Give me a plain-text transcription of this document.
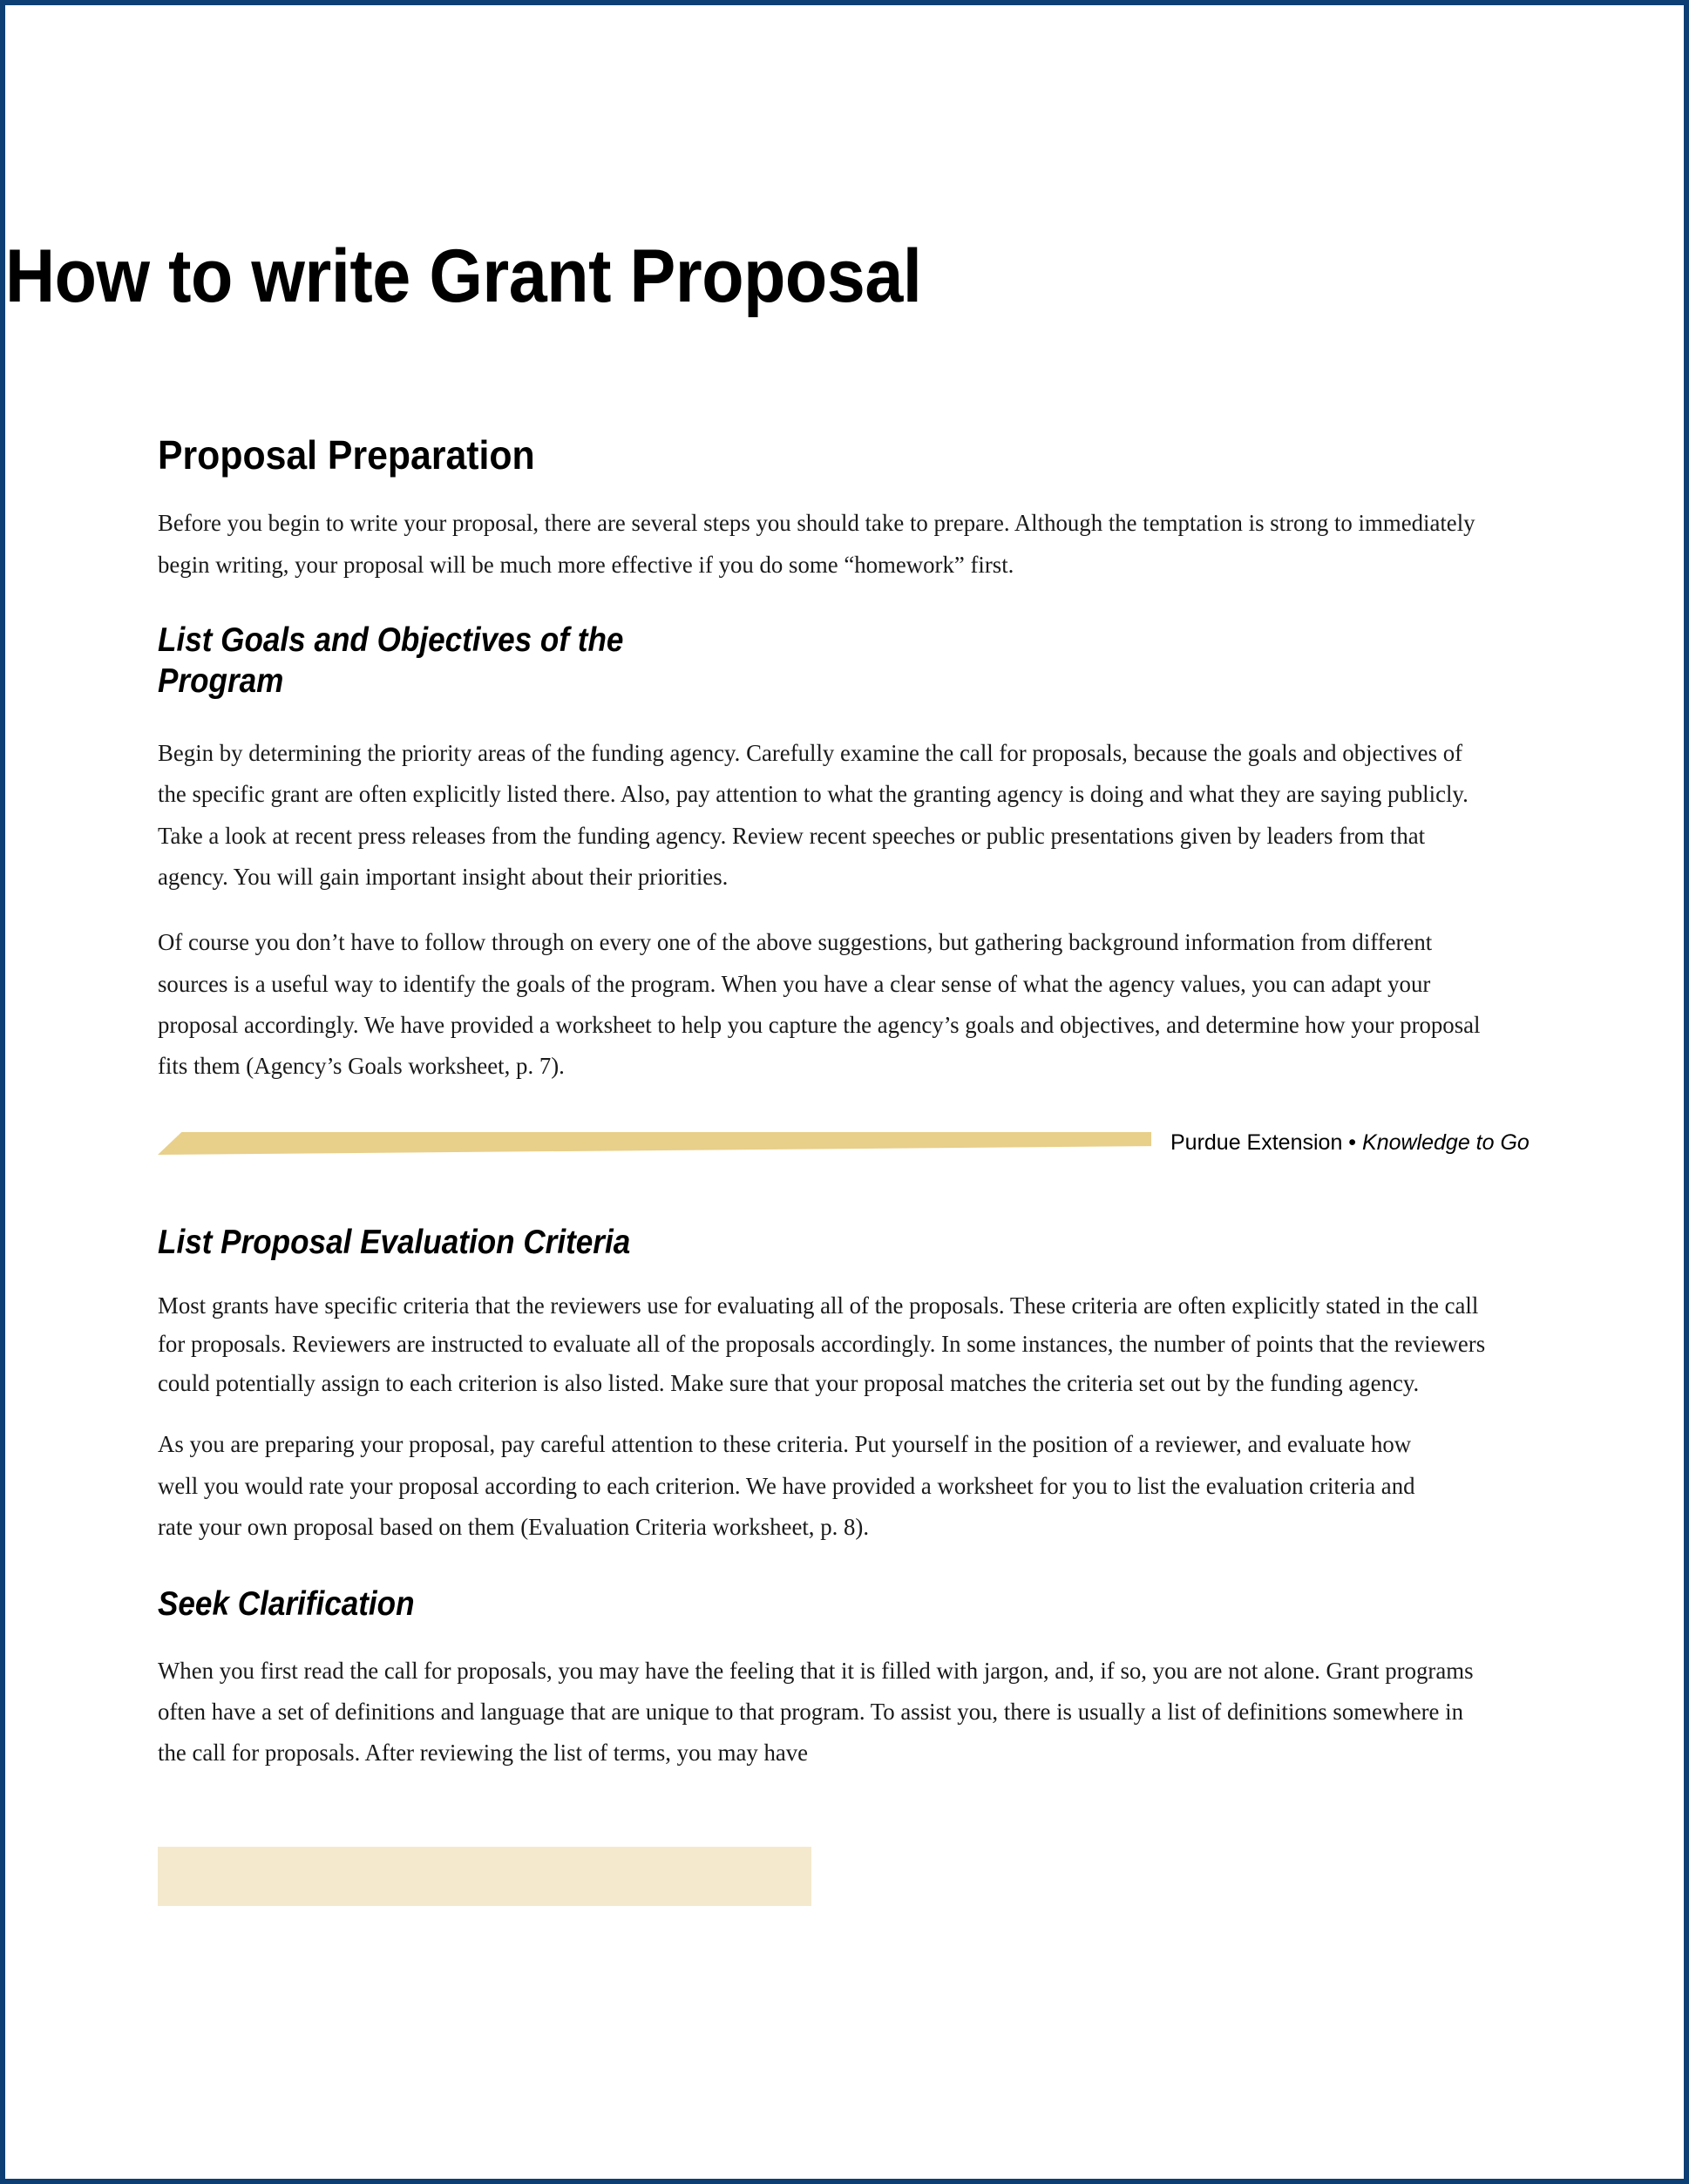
How to write Grant Proposal
Proposal Preparation

Before you begin to write your proposal, there are several steps you should take to prepare. Although the temptation is strong to immediately begin writing, your proposal will be much more effective if you do some “homework” first.

List Goals and Objectives of the Program

Begin by determining the priority areas of the funding agency. Carefully examine the call for proposals, because the goals and objectives of the specific grant are often explicitly listed there. Also, pay attention to what the granting agency is doing and what they are saying publicly. Take a look at recent press releases from the funding agency. Review recent speeches or public presentations given by leaders from that agency. You will gain important insight about their priorities.

Of course you don’t have to follow through on every one of the above suggestions, but gathering background information from different sources is a useful way to identify the goals of the program. When you have a clear sense of what the agency values, you can adapt your proposal accordingly. We have provided a worksheet to help you capture the agency’s goals and objectives, and determine how your proposal fits them (Agency’s Goals worksheet, p. 7).

Purdue Extension • Knowledge to Go
List Proposal Evaluation Criteria

Most grants have specific criteria that the reviewers use for evaluating all of the proposals. These criteria are often explicitly stated in the call for proposals. Reviewers are instructed to evaluate all of the proposals accordingly. In some instances, the number of points that the reviewers could potentially assign to each criterion is also listed. Make sure that your proposal matches the criteria set out by the funding agency.

As you are preparing your proposal, pay careful attention to these criteria. Put yourself in the position of a reviewer, and evaluate how well you would rate your proposal according to each criterion. We have provided a worksheet for you to list the evaluation criteria and rate your own proposal based on them (Evaluation Criteria worksheet, p. 8).

Seek Clarification

When you first read the call for proposals, you may have the feeling that it is filled with jargon, and, if so, you are not alone. Grant programs often have a set of definitions and language that are unique to that program. To assist you, there is usually a list of definitions somewhere in the call for proposals. After reviewing the list of terms, you may have
